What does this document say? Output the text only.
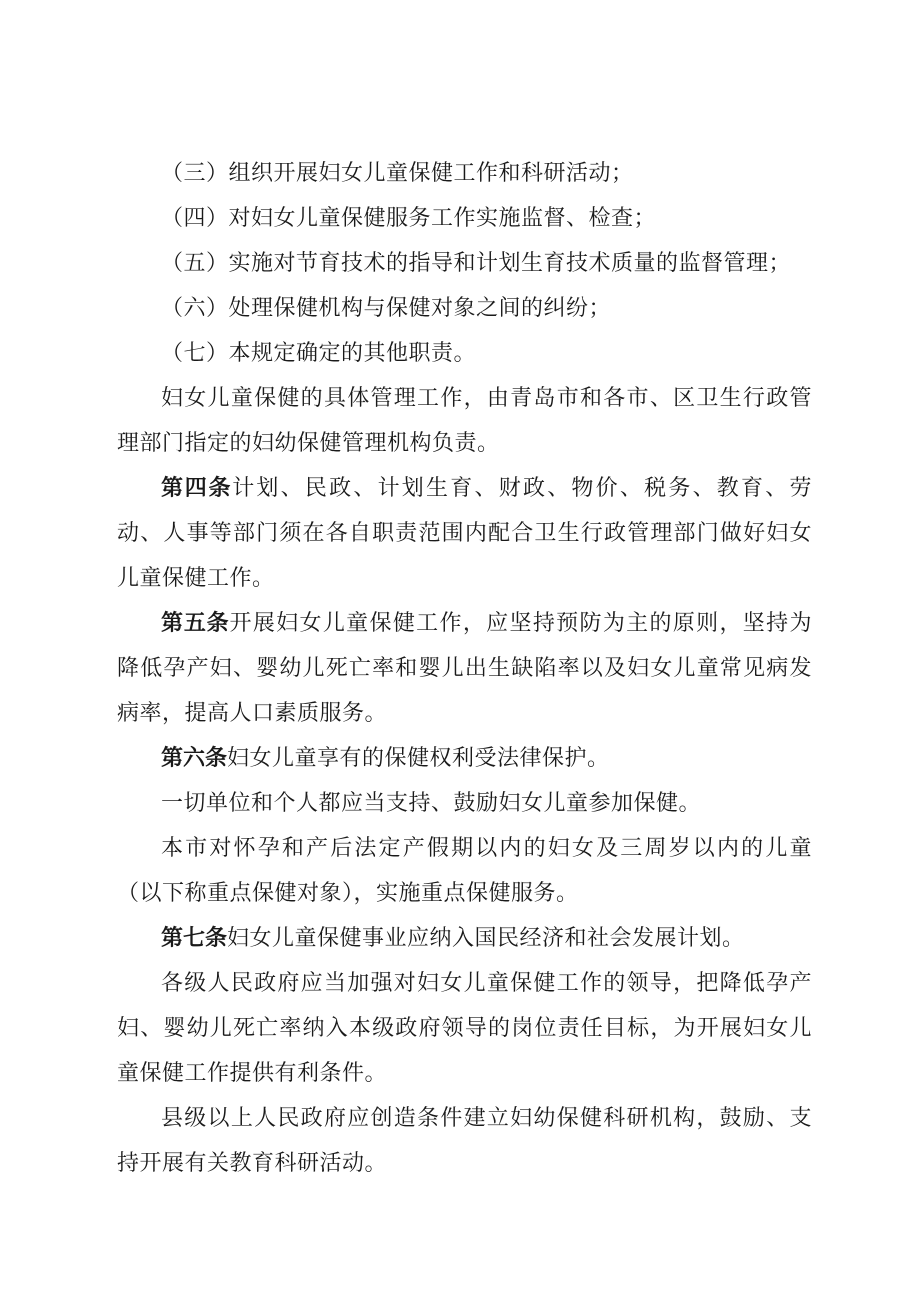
（三）组织开展妇女儿童保健工作和科研活动；

（四）对妇女儿童保健服务工作实施监督、检查；

（五）实施对节育技术的指导和计划生育技术质量的监督管理；

（六）处理保健机构与保健对象之间的纠纷；

（七）本规定确定的其他职责。

妇女儿童保健的具体管理工作，由青岛市和各市、区卫生行政管理部门指定的妇幼保健管理机构负责。

第四条计划、民政、计划生育、财政、物价、税务、教育、劳动、人事等部门须在各自职责范围内配合卫生行政管理部门做好妇女儿童保健工作。

第五条开展妇女儿童保健工作，应坚持预防为主的原则，坚持为降低孕产妇、婴幼儿死亡率和婴儿出生缺陷率以及妇女儿童常见病发病率，提高人口素质服务。

第六条妇女儿童享有的保健权利受法律保护。

一切单位和个人都应当支持、鼓励妇女儿童参加保健。

本市对怀孕和产后法定产假期以内的妇女及三周岁以内的儿童（以下称重点保健对象），实施重点保健服务。

第七条妇女儿童保健事业应纳入国民经济和社会发展计划。

各级人民政府应当加强对妇女儿童保健工作的领导，把降低孕产妇、婴幼儿死亡率纳入本级政府领导的岗位责任目标，为开展妇女儿童保健工作提供有利条件。

县级以上人民政府应创造条件建立妇幼保健科研机构，鼓励、支持开展有关教育科研活动。
